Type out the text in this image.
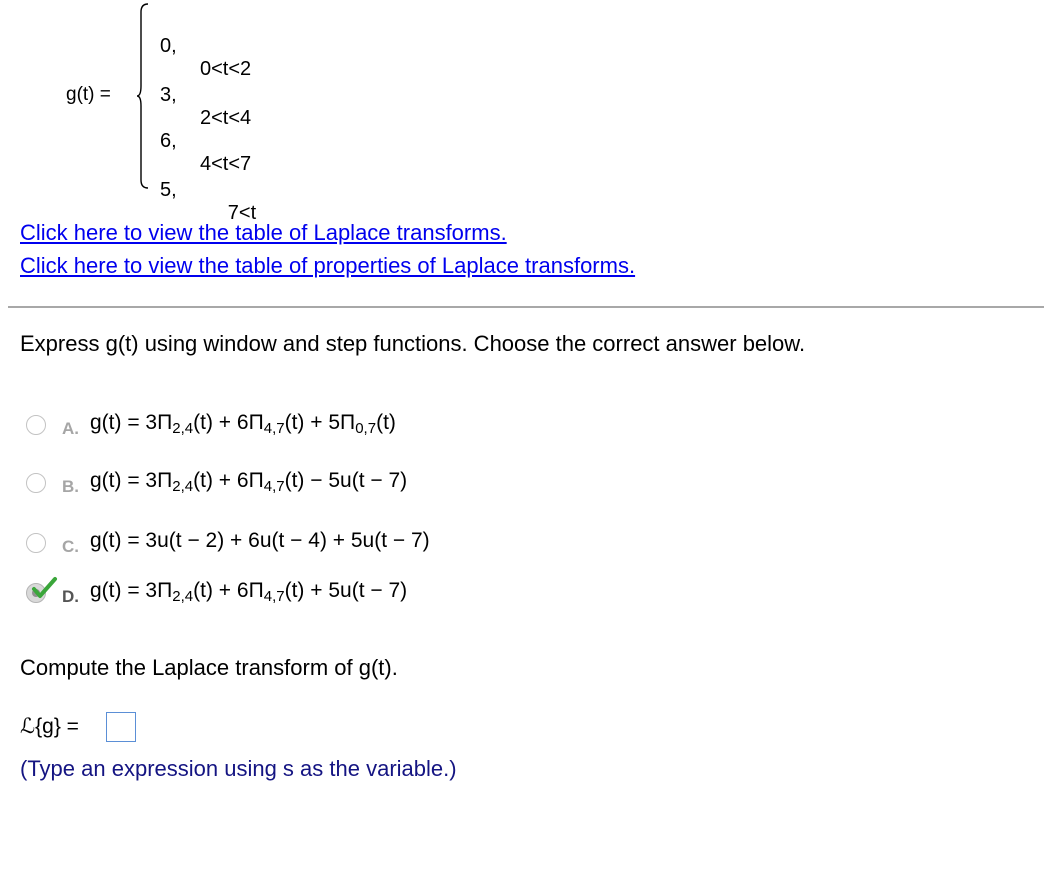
g(t) =

0,

0<t<2

3,

2<t<4

6,

4<t<7

5,

7<t

Click here to view the table of Laplace transforms.
Click here to view the table of properties of Laplace transforms.
Express g(t) using window and step functions. Choose the correct answer below.
A. $g(t) = 3\Pi_{2,4}(t) + 6\Pi_{4,7}(t) + 5\Pi_{0,7}(t)$
B. $g(t) = 3\Pi_{2,4}(t) + 6\Pi_{4,7}(t) - 5u(t - 7)$
C. g(t) = 3u(t − 2) + 6u(t − 4) + 5u(t − 7)
D. $g(t) = 3\Pi_{2,4}(t) + 6\Pi_{4,7}(t) + 5u(t - 7)$
Compute the Laplace transform of g(t).
ℒ{g} =
(Type an expression using s as the variable.)
